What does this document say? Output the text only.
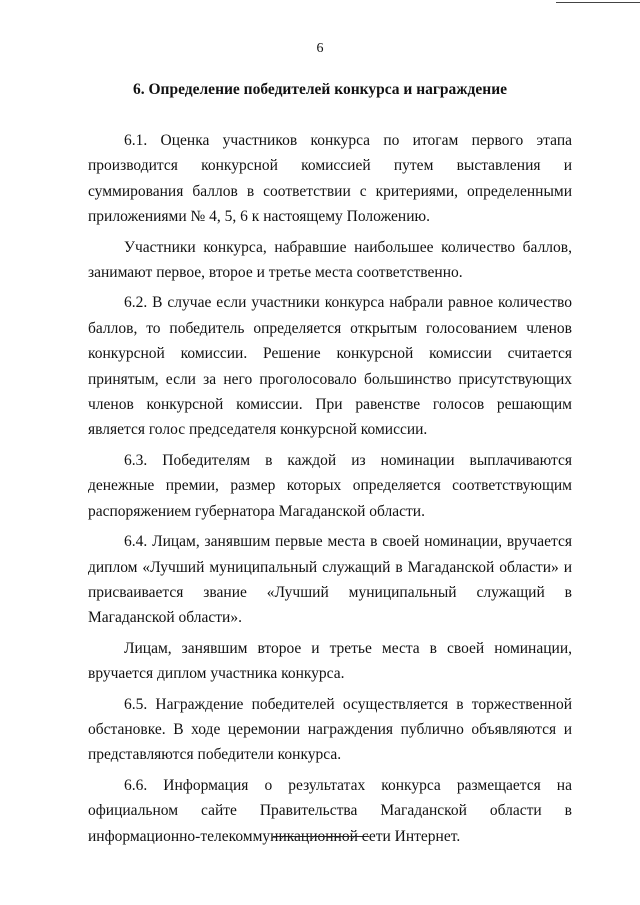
6
6. Определение победителей конкурса и награждение

6.1. Оценка участников конкурса по итогам первого этапа производится конкурсной комиссией путем выставления и суммирования баллов в соответствии с критериями, определенными приложениями № 4, 5, 6 к настоящему Положению.

Участники конкурса, набравшие наибольшее количество баллов, занимают первое, второе и третье места соответственно.

6.2. В случае если участники конкурса набрали равное количество баллов, то победитель определяется открытым голосованием членов конкурсной комиссии. Решение конкурсной комиссии считается принятым, если за него проголосовало большинство присутствующих членов конкурсной комиссии. При равенстве голосов решающим является голос председателя конкурсной комиссии.

6.3. Победителям в каждой из номинации выплачиваются денежные премии, размер которых определяется соответствующим распоряжением губернатора Магаданской области.

6.4. Лицам, занявшим первые места в своей номинации, вручается диплом «Лучший муниципальный служащий в Магаданской области» и присваивается звание «Лучший муниципальный служащий в Магаданской области».

Лицам, занявшим второе и третье места в своей номинации, вручается диплом участника конкурса.

6.5. Награждение победителей осуществляется в торжественной обстановке. В ходе церемонии награждения публично объявляются и представляются победители конкурса.

6.6. Информация о результатах конкурса размещается на официальном сайте Правительства Магаданской области в информационно-телекоммуникационной сети Интернет.
